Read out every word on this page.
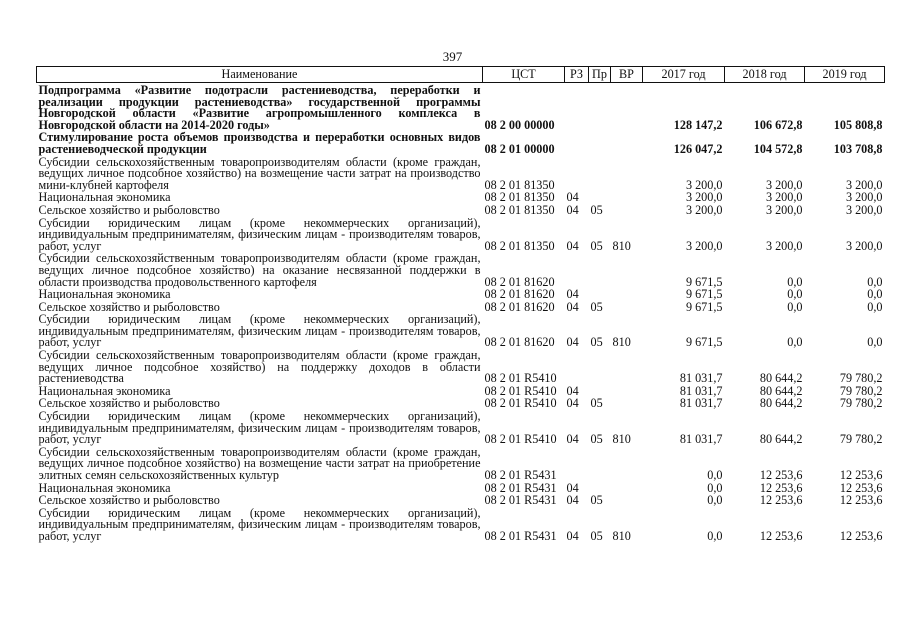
397
Наименование	ЦСТ	РЗ	Пр	ВР	2017 год	2018 год	2019 год
Подпрограмма «Развитие подотрасли растениеводства, переработки и реализации продукции растениеводства» государственной программы Новгородской области «Развитие агропромышленного комплекса в Новгородской области на 2014-2020 годы»	08 2 00 00000				128 147,2	106 672,8	105 808,8
Стимулирование роста объемов производства и переработки основных видов растениеводческой продукции	08 2 01 00000				126 047,2	104 572,8	103 708,8
Субсидии сельскохозяйственным товаропроизводителям области (кроме граждан, ведущих личное подсобное хозяйство) на возмещение части затрат на производство мини-клубней картофеля	08 2 01 81350				3 200,0	3 200,0	3 200,0
Национальная экономика	08 2 01 81350	04			3 200,0	3 200,0	3 200,0
Сельское хозяйство и рыболовство	08 2 01 81350	04	05		3 200,0	3 200,0	3 200,0
Субсидии юридическим лицам (кроме некоммерческих организаций), индивидуальным предпринимателям, физическим лицам - производителям товаров, работ, услуг	08 2 01 81350	04	05	810	3 200,0	3 200,0	3 200,0
Субсидии сельскохозяйственным товаропроизводителям области (кроме граждан, ведущих личное подсобное хозяйство) на оказание несвязанной поддержки в области производства продовольственного картофеля	08 2 01 81620				9 671,5	0,0	0,0
Национальная экономика	08 2 01 81620	04			9 671,5	0,0	0,0
Сельское хозяйство и рыболовство	08 2 01 81620	04	05		9 671,5	0,0	0,0
Субсидии юридическим лицам (кроме некоммерческих организаций), индивидуальным предпринимателям, физическим лицам - производителям товаров, работ, услуг	08 2 01 81620	04	05	810	9 671,5	0,0	0,0
Субсидии сельскохозяйственным товаропроизводителям области (кроме граждан, ведущих личное подсобное хозяйство) на поддержку доходов в области растениеводства	08 2 01 R5410				81 031,7	80 644,2	79 780,2
Национальная экономика	08 2 01 R5410	04			81 031,7	80 644,2	79 780,2
Сельское хозяйство и рыболовство	08 2 01 R5410	04	05		81 031,7	80 644,2	79 780,2
Субсидии юридическим лицам (кроме некоммерческих организаций), индивидуальным предпринимателям, физическим лицам - производителям товаров, работ, услуг	08 2 01 R5410	04	05	810	81 031,7	80 644,2	79 780,2
Субсидии сельскохозяйственным товаропроизводителям области (кроме граждан, ведущих личное подсобное хозяйство) на возмещение части затрат на приобретение элитных семян сельскохозяйственных культур	08 2 01 R5431				0,0	12 253,6	12 253,6
Национальная экономика	08 2 01 R5431	04			0,0	12 253,6	12 253,6
Сельское хозяйство и рыболовство	08 2 01 R5431	04	05		0,0	12 253,6	12 253,6
Субсидии юридическим лицам (кроме некоммерческих организаций), индивидуальным предпринимателям, физическим лицам - производителям товаров, работ, услуг	08 2 01 R5431	04	05	810	0,0	12 253,6	12 253,6
